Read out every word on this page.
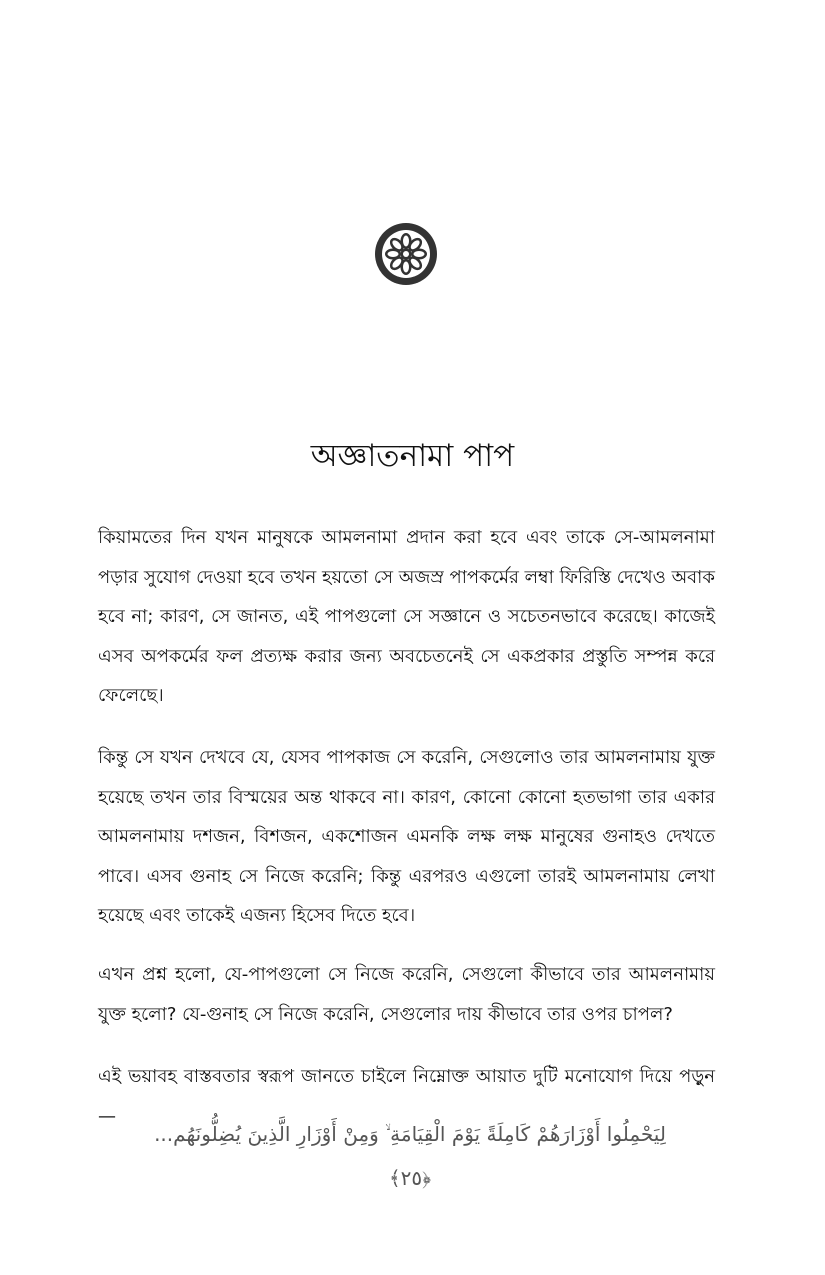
অজ্ঞাতনামা পাপ

কিয়ামতের দিন যখন মানুষকে আমলনামা প্রদান করা হবে এবং তাকে সে-আমলনামা পড়ার সুযোগ দেওয়া হবে তখন হয়তো সে অজস্র পাপকর্মের লম্বা ফিরিস্তি দেখেও অবাক হবে না; কারণ, সে জানত, এই পাপগুলো সে সজ্ঞানে ও সচেতনভাবে করেছে। কাজেই এসব অপকর্মের ফল প্রত্যক্ষ করার জন্য অবচেতনেই সে একপ্রকার প্রস্তুতি সম্পন্ন করে ফেলেছে।

কিন্তু সে যখন দেখবে যে, যেসব পাপকাজ সে করেনি, সেগুলোও তার আমলনামায় যুক্ত হয়েছে তখন তার বিস্ময়ের অন্ত থাকবে না। কারণ, কোনো কোনো হতভাগা তার একার আমলনামায় দশজন, বিশজন, একশোজন এমনকি লক্ষ লক্ষ মানুষের গুনাহও দেখতে পাবে। এসব গুনাহ সে নিজে করেনি; কিন্তু এরপরও এগুলো তারই আমলনামায় লেখা হয়েছে এবং তাকেই এজন্য হিসেব দিতে হবে।

এখন প্রশ্ন হলো, যে-পাপগুলো সে নিজে করেনি, সেগুলো কীভাবে তার আমলনামায় যুক্ত হলো? যে-গুনাহ সে নিজে করেনি, সেগুলোর দায় কীভাবে তার ওপর চাপল?

এই ভয়াবহ বাস্তবতার স্বরূপ জানতে চাইলে নিম্নোক্ত আয়াত দুটি মনোযোগ দিয়ে পড়ুন—

لِيَحْمِلُوا أَوْزَارَهُمْ كَامِلَةً يَوْمَ الْقِيَامَةِ ۙ وَمِنْ أَوْزَارِ الَّذِينَ يُضِلُّونَهُم... ﴿٢٥﴾
